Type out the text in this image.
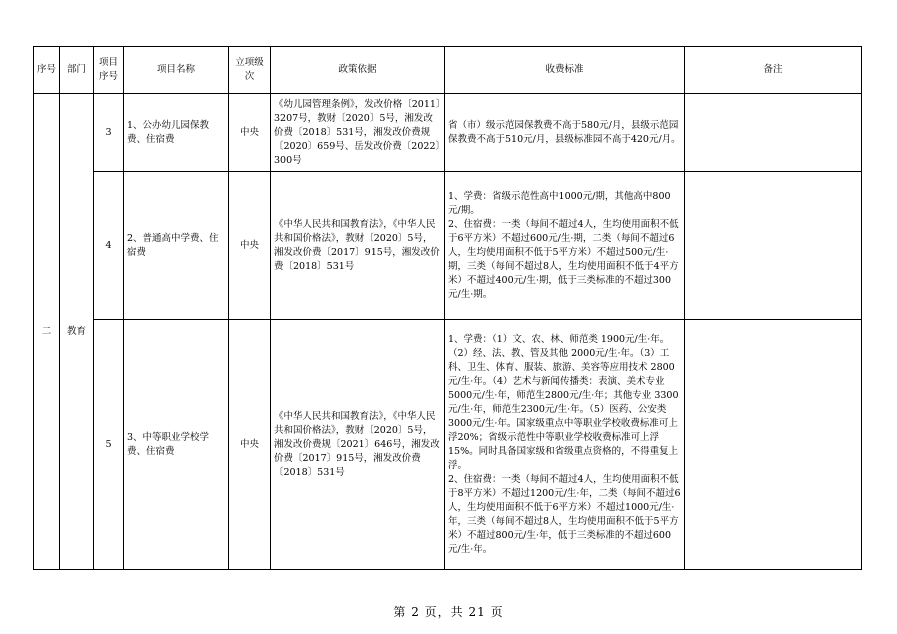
序号	部门	项目序号	项目名称	立项级次	政策依据	收费标准	备注
二	教育	3	1、公办幼儿园保教费、住宿费	中央	《幼儿园管理条例》，发改价格〔2011〕3207号，教财〔2020〕5号，湘发改价费〔2018〕531号，湘发改价费规〔2020〕659号、岳发改价费〔2022〕300号	省（市）级示范园保教费不高于580元/月，县级示范园保教费不高于510元/月，县级标准园不高于420元/月。	
		4	2、普通高中学费、住宿费	中央	《中华人民共和国教育法》，《中华人民共和国价格法》，教财〔2020〕5号，湘发改价费〔2017〕915号，湘发改价费〔2018〕531号	1、学费：省级示范性高中1000元/期，其他高中800元/期。
2、住宿费：一类（每间不超过4人，生均使用面积不低于6平方米）不超过600元/生·期，二类（每间不超过6人，生均使用面积不低于5平方米）不超过500元/生·期，三类（每间不超过8人，生均使用面积不低于4平方米）不超过400元/生·期，低于三类标准的不超过300元/生·期。	
		5	3、中等职业学校学费、住宿费	中央	《中华人民共和国教育法》，《中华人民共和国价格法》，教财〔2020〕5号，湘发改价费规〔2021〕646号，湘发改价费〔2017〕915号，湘发改价费〔2018〕531号	1、学费：（1）文、农、林、师范类 1900元/生·年。（2）经、法、教、管及其他 2000元/生·年。（3）工科、卫生、体育、服装、旅游、美容等应用技术 2800元/生·年。（4）艺术与新闻传播类：表演、美术专业 5000元/生·年，师范生2800元/生·年；其他专业 3300元/生·年，师范生2300元/生·年。（5）医药、公安类 3000元/生·年。国家级重点中等职业学校收费标准可上浮20%；省级示范性中等职业学校收费标准可上浮15%。同时具备国家级和省级重点资格的，不得重复上浮。
2、住宿费：一类（每间不超过4人，生均使用面积不低于8平方米）不超过1200元/生·年，二类（每间不超过6人，生均使用面积不低于6平方米）不超过1000元/生·年，三类（每间不超过8人，生均使用面积不低于5平方米）不超过800元/生·年，低于三类标准的不超过600元/生·年。	
第 2 页，共 21 页
